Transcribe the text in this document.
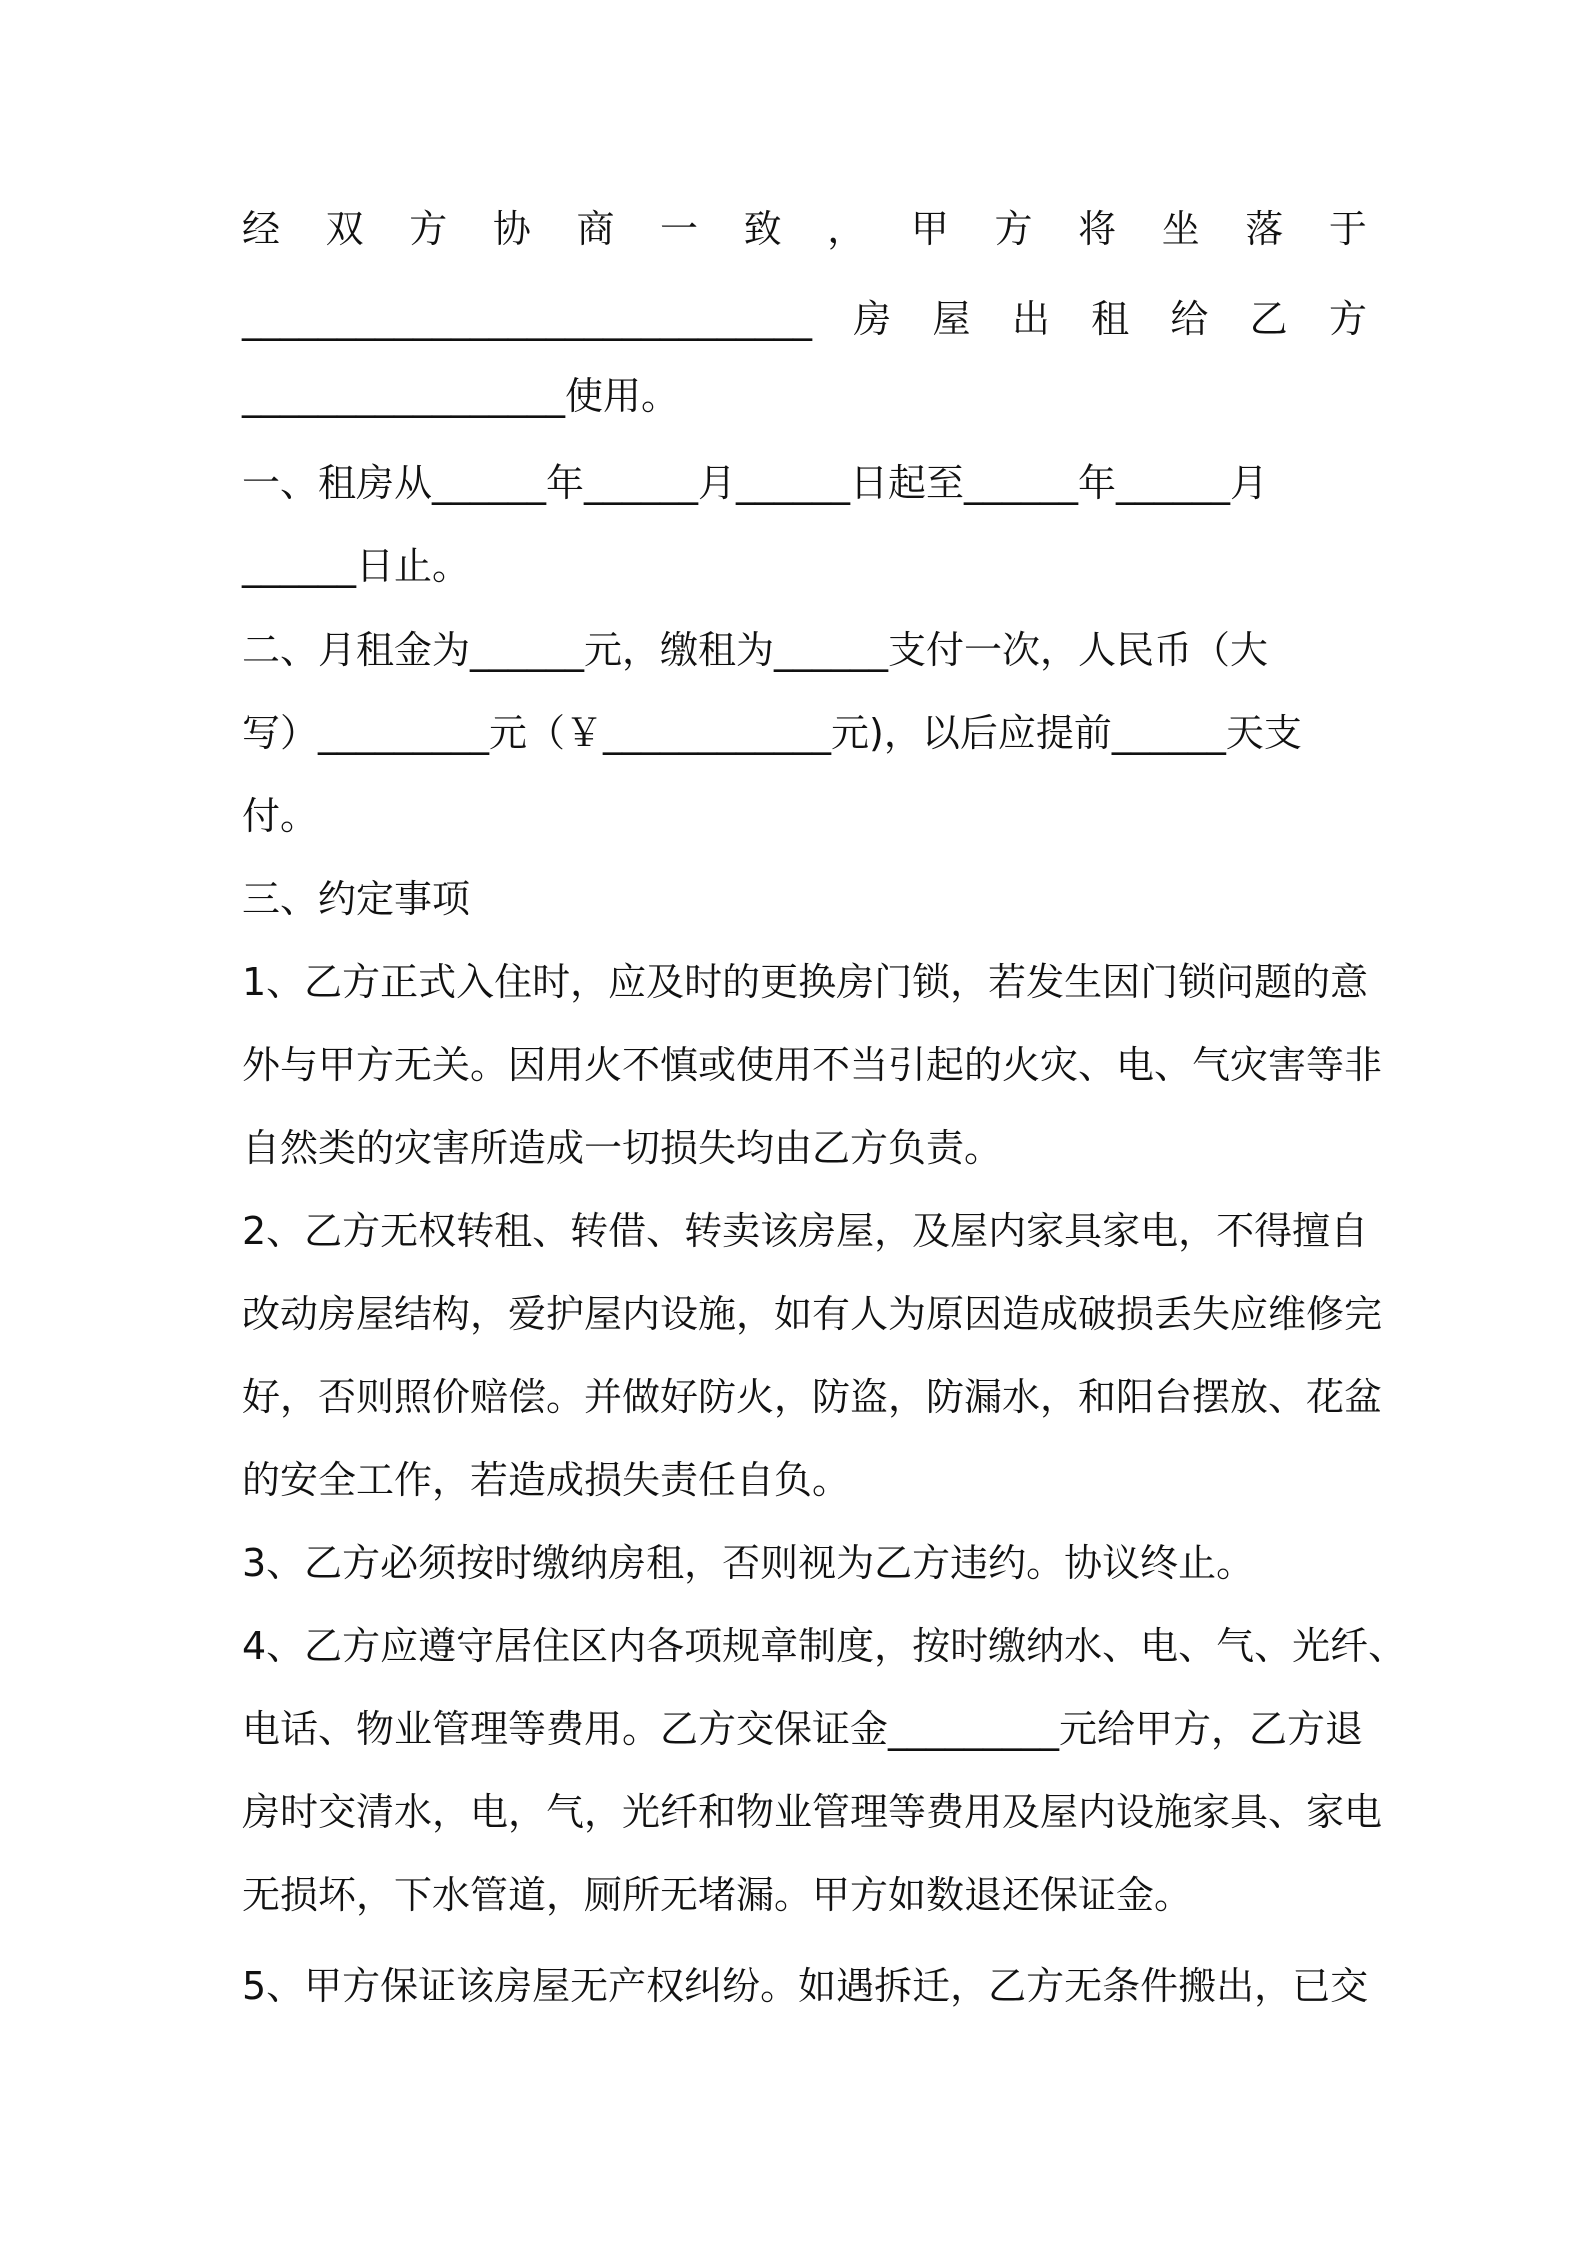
经 双 方 协 商 一 致 ， 甲 方 将 坐 落 于
______________________________ 房 屋 出 租 给 乙 方
_________________使用。
一、租房从______年______月______日起至______年______月
______日止。
二、月租金为______元，缴租为______支付一次，人民币（大
写）_________元（￥____________元)，以后应提前______天支
付。
三、约定事项
1、乙方正式入住时，应及时的更换房门锁，若发生因门锁问题的意
外与甲方无关。因用火不慎或使用不当引起的火灾、电、气灾害等非
自然类的灾害所造成一切损失均由乙方负责。
2、乙方无权转租、转借、转卖该房屋，及屋内家具家电，不得擅自
改动房屋结构，爱护屋内设施，如有人为原因造成破损丢失应维修完
好，否则照价赔偿。并做好防火，防盗，防漏水，和阳台摆放、花盆
的安全工作，若造成损失责任自负。
3、乙方必须按时缴纳房租，否则视为乙方违约。协议终止。
4、乙方应遵守居住区内各项规章制度，按时缴纳水、电、气、光纤、
电话、物业管理等费用。乙方交保证金_________元给甲方，乙方退
房时交清水，电，气，光纤和物业管理等费用及屋内设施家具、家电
无损坏，下水管道，厕所无堵漏。甲方如数退还保证金。
5、甲方保证该房屋无产权纠纷。如遇拆迁，乙方无条件搬出，已交
